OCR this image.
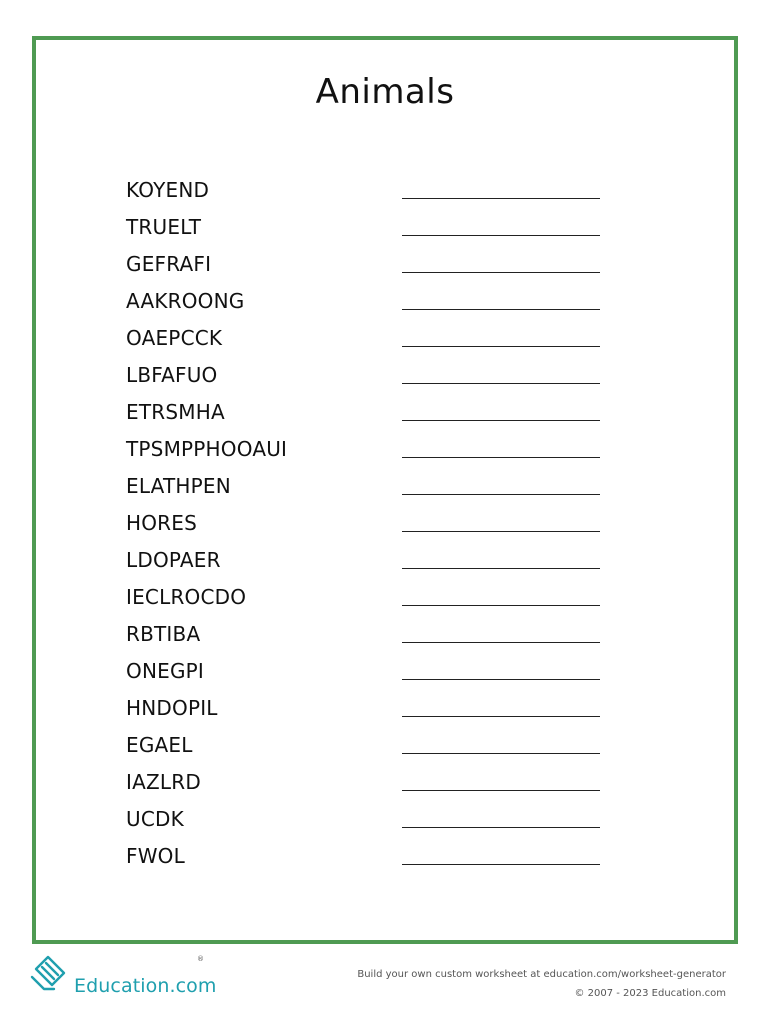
Animals
KOYEND
TRUELT
GEFRAFI
AAKROONG
OAEPCCK
LBFAFUO
ETRSMHA
TPSMPPHOOAUI
ELATHPEN
HORES
LDOPAER
IECLROCDO
RBTIBA
ONEGPI
HNDOPIL
EGAEL
IAZLRD
UCDK
FWOL
Education.com
®
Build your own custom worksheet at education.com/worksheet-generator
© 2007 - 2023 Education.com
